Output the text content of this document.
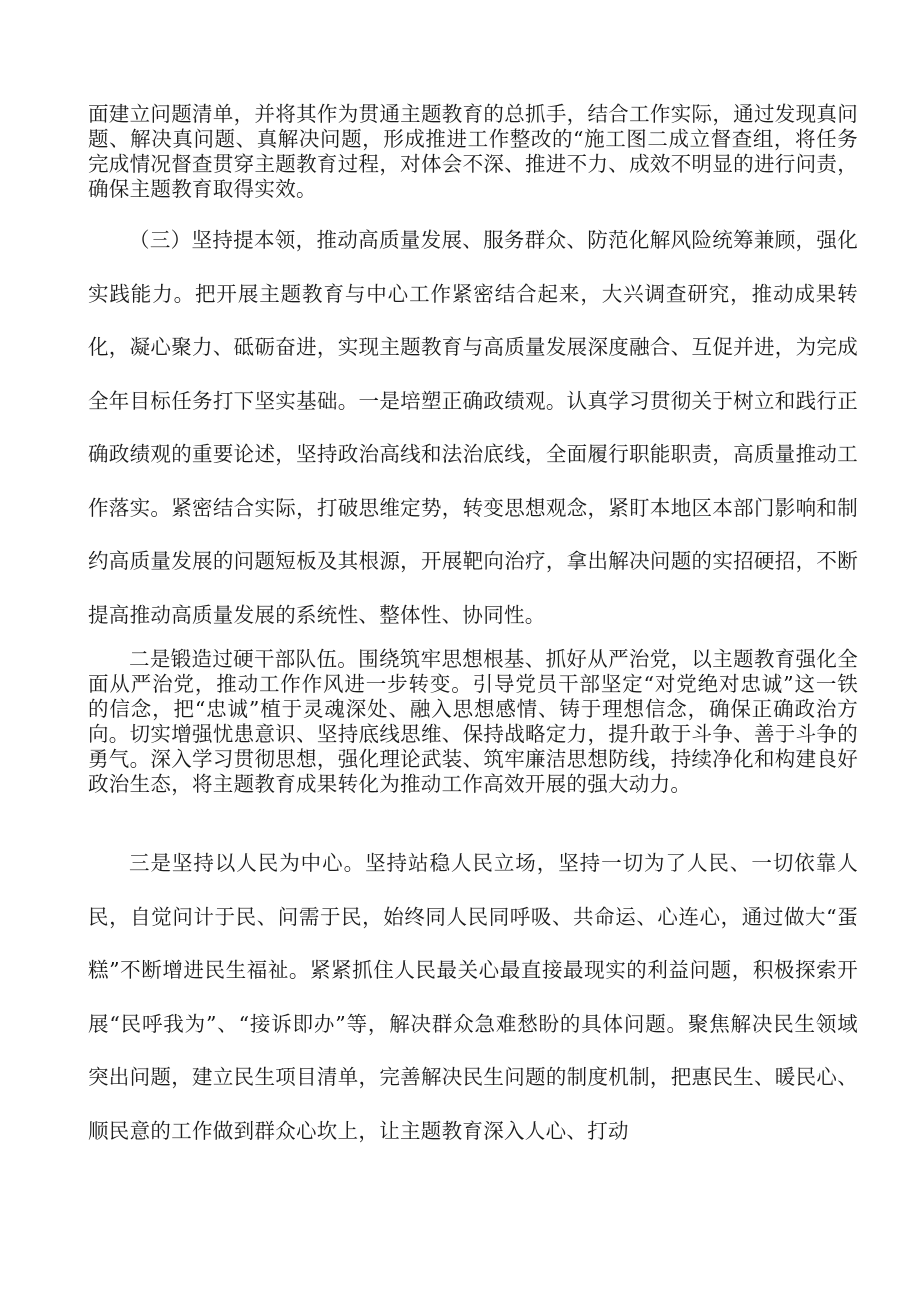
面建立问题清单，并将其作为贯通主题教育的总抓手，结合工作实际，通过发现真问题、解决真问题、真解决问题，形成推进工作整改的“施工图二成立督查组，将任务完成情况督查贯穿主题教育过程，对体会不深、推进不力、成效不明显的进行问责，确保主题教育取得实效。

（三）坚持提本领，推动高质量发展、服务群众、防范化解风险统筹兼顾，强化实践能力。把开展主题教育与中心工作紧密结合起来，大兴调查研究，推动成果转化，凝心聚力、砥砺奋进，实现主题教育与高质量发展深度融合、互促并进，为完成全年目标任务打下坚实基础。一是培塑正确政绩观。认真学习贯彻关于树立和践行正确政绩观的重要论述，坚持政治高线和法治底线，全面履行职能职责，高质量推动工作落实。紧密结合实际，打破思维定势，转变思想观念，紧盯本地区本部门影响和制约高质量发展的问题短板及其根源，开展靶向治疗，拿出解决问题的实招硬招，不断提高推动高质量发展的系统性、整体性、协同性。

二是锻造过硬干部队伍。围绕筑牢思想根基、抓好从严治党，以主题教育强化全面从严治党，推动工作作风进一步转变。引导党员干部坚定“对党绝对忠诚”这一铁的信念，把“忠诚”植于灵魂深处、融入思想感情、铸于理想信念，确保正确政治方向。切实增强忧患意识、坚持底线思维、保持战略定力，提升敢于斗争、善于斗争的勇气。深入学习贯彻思想，强化理论武装、筑牢廉洁思想防线，持续净化和构建良好政治生态，将主题教育成果转化为推动工作高效开展的强大动力。

三是坚持以人民为中心。坚持站稳人民立场，坚持一切为了人民、一切依靠人民，自觉问计于民、问需于民，始终同人民同呼吸、共命运、心连心，通过做大“蛋糕”不断增进民生福祉。紧紧抓住人民最关心最直接最现实的利益问题，积极探索开展“民呼我为”、“接诉即办”等，解决群众急难愁盼的具体问题。聚焦解决民生领域突出问题，建立民生项目清单，完善解决民生问题的制度机制，把惠民生、暖民心、顺民意的工作做到群众心坎上，让主题教育深入人心、打动
